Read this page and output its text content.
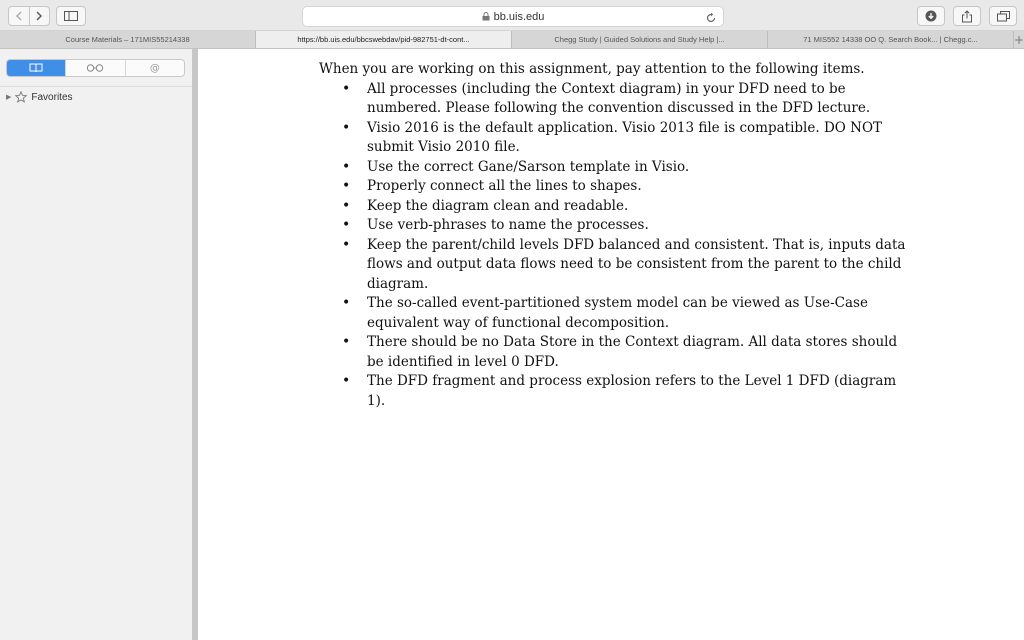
bb.uis.edu
Course Materials – 171MIS55214338	https://bb.uis.edu/bbcswebdav/pid-982751-dt-cont...	Chegg Study | Guided Solutions and Study Help |...	71 MIS552 14338 OO Q. Search Book... | Chegg.c...	+
@
▶ Favorites

When you are working on this assignment, pay attention to the following items.

• All processes (including the Context diagram) in your DFD need to be numbered. Please following the convention discussed in the DFD lecture.
• Visio 2016 is the default application. Visio 2013 file is compatible. DO NOT submit Visio 2010 file.
• Use the correct Gane/Sarson template in Visio.
• Properly connect all the lines to shapes.
• Keep the diagram clean and readable.
• Use verb-phrases to name the processes.
• Keep the parent/child levels DFD balanced and consistent. That is, inputs data flows and output data flows need to be consistent from the parent to the child diagram.
• The so-called event-partitioned system model can be viewed as Use-Case equivalent way of functional decomposition.
• There should be no Data Store in the Context diagram. All data stores should be identified in level 0 DFD.
• The DFD fragment and process explosion refers to the Level 1 DFD (diagram 1).
